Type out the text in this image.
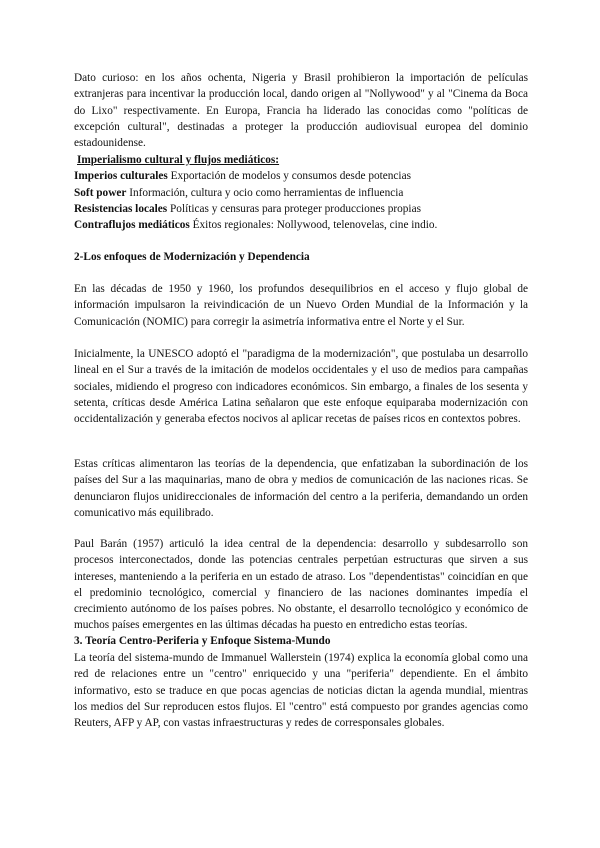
Dato curioso: en los años ochenta, Nigeria y Brasil prohibieron la importación de películas extranjeras para incentivar la producción local, dando origen al "Nollywood" y al "Cinema da Boca do Lixo" respectivamente. En Europa, Francia ha liderado las conocidas como "políticas de excepción cultural", destinadas a proteger la producción audiovisual europea del dominio estadounidense.

Imperialismo cultural y flujos mediáticos:

Imperios culturales Exportación de modelos y consumos desde potencias

Soft power Información, cultura y ocio como herramientas de influencia

Resistencias locales Políticas y censuras para proteger producciones propias

Contraflujos mediáticos Éxitos regionales: Nollywood, telenovelas, cine indio.

2-Los enfoques de Modernización y Dependencia

En las décadas de 1950 y 1960, los profundos desequilibrios en el acceso y flujo global de información impulsaron la reivindicación de un Nuevo Orden Mundial de la Información y la Comunicación (NOMIC) para corregir la asimetría informativa entre el Norte y el Sur.

Inicialmente, la UNESCO adoptó el "paradigma de la modernización", que postulaba un desarrollo lineal en el Sur a través de la imitación de modelos occidentales y el uso de medios para campañas sociales, midiendo el progreso con indicadores económicos. Sin embargo, a finales de los sesenta y setenta, críticas desde América Latina señalaron que este enfoque equiparaba modernización con occidentalización y generaba efectos nocivos al aplicar recetas de países ricos en contextos pobres.

Estas críticas alimentaron las teorías de la dependencia, que enfatizaban la subordinación de los países del Sur a las maquinarias, mano de obra y medios de comunicación de las naciones ricas. Se denunciaron flujos unidireccionales de información del centro a la periferia, demandando un orden comunicativo más equilibrado.

Paul Barán (1957) articuló la idea central de la dependencia: desarrollo y subdesarrollo son procesos interconectados, donde las potencias centrales perpetúan estructuras que sirven a sus intereses, manteniendo a la periferia en un estado de atraso. Los "dependentistas" coincidían en que el predominio tecnológico, comercial y financiero de las naciones dominantes impedía el crecimiento autónomo de los países pobres. No obstante, el desarrollo tecnológico y económico de muchos países emergentes en las últimas décadas ha puesto en entredicho estas teorías.

3. Teoría Centro-Periferia y Enfoque Sistema-Mundo

La teoría del sistema-mundo de Immanuel Wallerstein (1974) explica la economía global como una red de relaciones entre un "centro" enriquecido y una "periferia" dependiente. En el ámbito informativo, esto se traduce en que pocas agencias de noticias dictan la agenda mundial, mientras los medios del Sur reproducen estos flujos. El "centro" está compuesto por grandes agencias como Reuters, AFP y AP, con vastas infraestructuras y redes de corresponsales globales.
